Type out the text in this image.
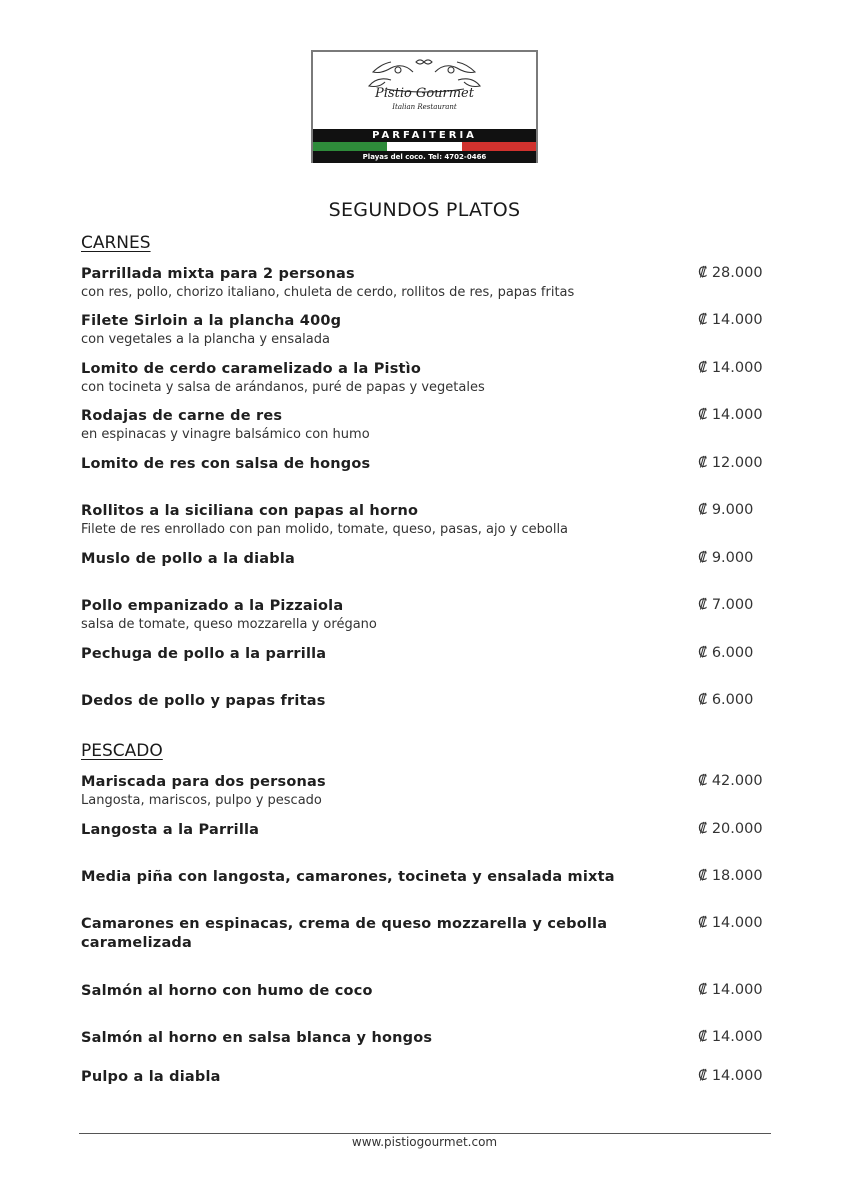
Pistio Gourmet
Italian Restaurant
PARFAITERIA
Playas del coco. Tel: 4702-0466
SEGUNDOS PLATOS
CARNES
Parrillada mixta para 2 personas
con res, pollo, chorizo italiano, chuleta de cerdo, rollitos de res, papas fritas
₡ 28.000
Filete Sirloin a la plancha 400g
con vegetales a la plancha y ensalada
₡ 14.000
Lomito de cerdo caramelizado a la Pistìo
con tocineta y salsa de arándanos, puré de papas y vegetales
₡ 14.000
Rodajas de carne de res
en espinacas y vinagre balsámico con humo
₡ 14.000
Lomito de res con salsa de hongos	₡ 12.000
Rollitos a la siciliana con papas al horno
Filete de res enrollado con pan molido, tomate, queso, pasas, ajo y cebolla
₡ 9.000
Muslo de pollo a la diabla	₡ 9.000
Pollo empanizado a la Pizzaiola
salsa de tomate, queso mozzarella y orégano
₡ 7.000
Pechuga de pollo a la parrilla	₡ 6.000
Dedos de pollo y papas fritas	₡ 6.000
PESCADO
Mariscada para dos personas
Langosta, mariscos, pulpo y pescado
₡ 42.000
Langosta a la Parrilla	₡ 20.000
Media piña con langosta, camarones, tocineta y ensalada mixta	₡ 18.000
Camarones en espinacas, crema de queso mozzarella y cebolla caramelizada
₡ 14.000
Salmón al horno con humo de coco	₡ 14.000
Salmón al horno en salsa blanca y hongos	₡ 14.000
Pulpo a la diabla	₡ 14.000
www.pistiogourmet.com
